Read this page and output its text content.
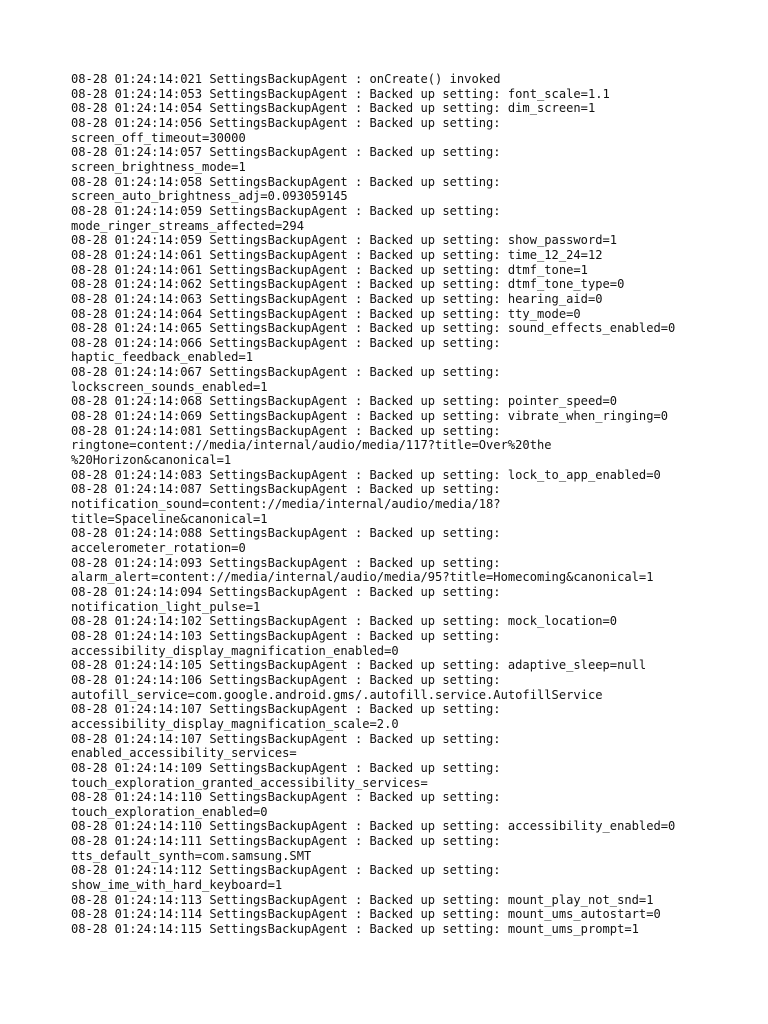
08-28 01:24:14:021 SettingsBackupAgent : onCreate() invoked
08-28 01:24:14:053 SettingsBackupAgent : Backed up setting: font_scale=1.1
08-28 01:24:14:054 SettingsBackupAgent : Backed up setting: dim_screen=1
08-28 01:24:14:056 SettingsBackupAgent : Backed up setting:
screen_off_timeout=30000
08-28 01:24:14:057 SettingsBackupAgent : Backed up setting:
screen_brightness_mode=1
08-28 01:24:14:058 SettingsBackupAgent : Backed up setting:
screen_auto_brightness_adj=0.093059145
08-28 01:24:14:059 SettingsBackupAgent : Backed up setting:
mode_ringer_streams_affected=294
08-28 01:24:14:059 SettingsBackupAgent : Backed up setting: show_password=1
08-28 01:24:14:061 SettingsBackupAgent : Backed up setting: time_12_24=12
08-28 01:24:14:061 SettingsBackupAgent : Backed up setting: dtmf_tone=1
08-28 01:24:14:062 SettingsBackupAgent : Backed up setting: dtmf_tone_type=0
08-28 01:24:14:063 SettingsBackupAgent : Backed up setting: hearing_aid=0
08-28 01:24:14:064 SettingsBackupAgent : Backed up setting: tty_mode=0
08-28 01:24:14:065 SettingsBackupAgent : Backed up setting: sound_effects_enabled=0
08-28 01:24:14:066 SettingsBackupAgent : Backed up setting:
haptic_feedback_enabled=1
08-28 01:24:14:067 SettingsBackupAgent : Backed up setting:
lockscreen_sounds_enabled=1
08-28 01:24:14:068 SettingsBackupAgent : Backed up setting: pointer_speed=0
08-28 01:24:14:069 SettingsBackupAgent : Backed up setting: vibrate_when_ringing=0
08-28 01:24:14:081 SettingsBackupAgent : Backed up setting:
ringtone=content://media/internal/audio/media/117?title=Over%20the
%20Horizon&canonical=1
08-28 01:24:14:083 SettingsBackupAgent : Backed up setting: lock_to_app_enabled=0
08-28 01:24:14:087 SettingsBackupAgent : Backed up setting:
notification_sound=content://media/internal/audio/media/18?
title=Spaceline&canonical=1
08-28 01:24:14:088 SettingsBackupAgent : Backed up setting:
accelerometer_rotation=0
08-28 01:24:14:093 SettingsBackupAgent : Backed up setting:
alarm_alert=content://media/internal/audio/media/95?title=Homecoming&canonical=1
08-28 01:24:14:094 SettingsBackupAgent : Backed up setting:
notification_light_pulse=1
08-28 01:24:14:102 SettingsBackupAgent : Backed up setting: mock_location=0
08-28 01:24:14:103 SettingsBackupAgent : Backed up setting:
accessibility_display_magnification_enabled=0
08-28 01:24:14:105 SettingsBackupAgent : Backed up setting: adaptive_sleep=null
08-28 01:24:14:106 SettingsBackupAgent : Backed up setting:
autofill_service=com.google.android.gms/.autofill.service.AutofillService
08-28 01:24:14:107 SettingsBackupAgent : Backed up setting:
accessibility_display_magnification_scale=2.0
08-28 01:24:14:107 SettingsBackupAgent : Backed up setting:
enabled_accessibility_services=
08-28 01:24:14:109 SettingsBackupAgent : Backed up setting:
touch_exploration_granted_accessibility_services=
08-28 01:24:14:110 SettingsBackupAgent : Backed up setting:
touch_exploration_enabled=0
08-28 01:24:14:110 SettingsBackupAgent : Backed up setting: accessibility_enabled=0
08-28 01:24:14:111 SettingsBackupAgent : Backed up setting:
tts_default_synth=com.samsung.SMT
08-28 01:24:14:112 SettingsBackupAgent : Backed up setting:
show_ime_with_hard_keyboard=1
08-28 01:24:14:113 SettingsBackupAgent : Backed up setting: mount_play_not_snd=1
08-28 01:24:14:114 SettingsBackupAgent : Backed up setting: mount_ums_autostart=0
08-28 01:24:14:115 SettingsBackupAgent : Backed up setting: mount_ums_prompt=1
